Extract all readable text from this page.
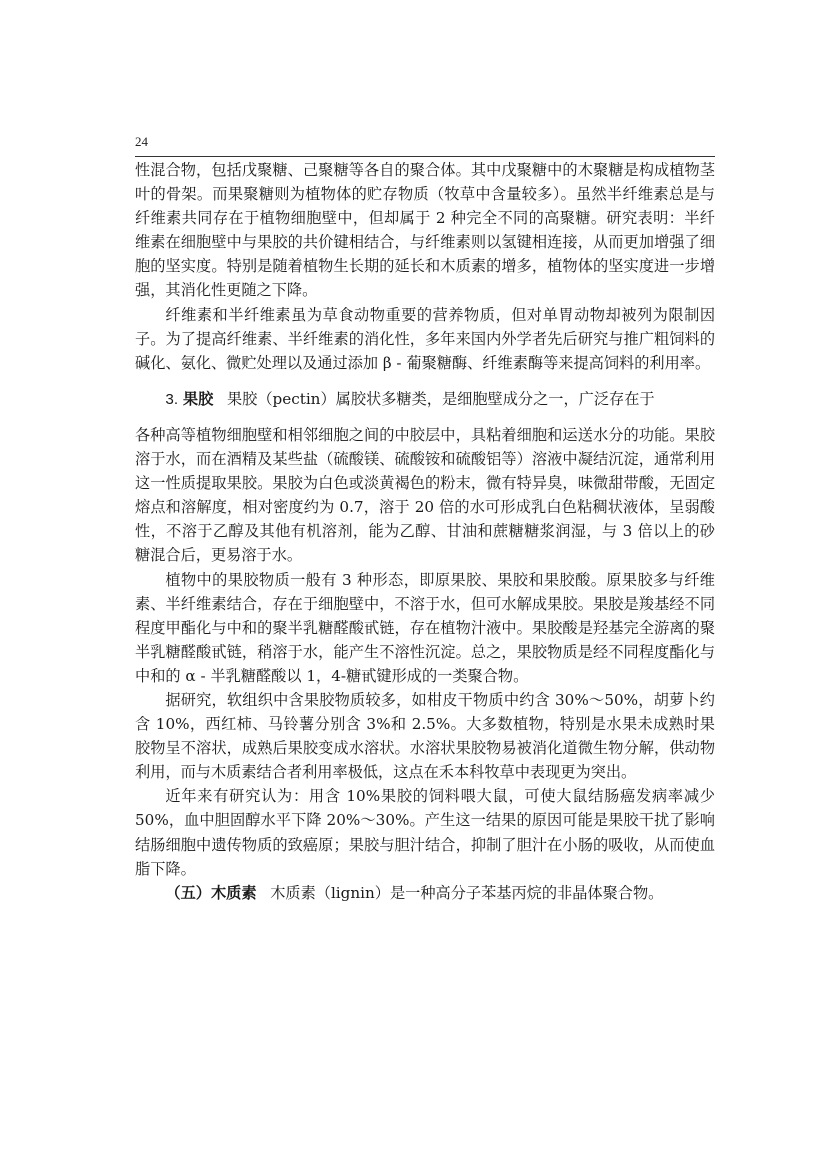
24

性混合物，包括戊聚糖、己聚糖等各自的聚合体。其中戊聚糖中的木聚糖是构成植物茎叶的骨架。而果聚糖则为植物体的贮存物质（牧草中含量较多）。虽然半纤维素总是与纤维素共同存在于植物细胞壁中，但却属于 2 种完全不同的高聚糖。研究表明：半纤维素在细胞壁中与果胶的共价键相结合，与纤维素则以氢键相连接，从而更加增强了细胞的坚实度。特别是随着植物生长期的延长和木质素的增多，植物体的坚实度进一步增强，其消化性更随之下降。

纤维素和半纤维素虽为草食动物重要的营养物质，但对单胃动物却被列为限制因子。为了提高纤维素、半纤维素的消化性，多年来国内外学者先后研究与推广粗饲料的碱化、氨化、微贮处理以及通过添加 β - 葡聚糖酶、纤维素酶等来提高饲料的利用率。

3. 果胶 果胶（pectin）属胶状多糖类，是细胞壁成分之一，广泛存在于

各种高等植物细胞壁和相邻细胞之间的中胶层中，具粘着细胞和运送水分的功能。果胶溶于水，而在酒精及某些盐（硫酸镁、硫酸铵和硫酸铝等）溶液中凝结沉淀，通常利用这一性质提取果胶。果胶为白色或淡黄褐色的粉末，微有特异臭，味微甜带酸，无固定熔点和溶解度，相对密度约为 0.7，溶于 20 倍的水可形成乳白色粘稠状液体，呈弱酸性，不溶于乙醇及其他有机溶剂，能为乙醇、甘油和蔗糖糖浆润湿，与 3 倍以上的砂糖混合后，更易溶于水。

植物中的果胶物质一般有 3 种形态，即原果胶、果胶和果胶酸。原果胶多与纤维素、半纤维素结合，存在于细胞壁中，不溶于水，但可水解成果胶。果胶是羧基经不同程度甲酯化与中和的聚半乳糖醛酸甙链，存在植物汁液中。果胶酸是羟基完全游离的聚半乳糖醛酸甙链，稍溶于水，能产生不溶性沉淀。总之，果胶物质是经不同程度酯化与中和的 α - 半乳糖醛酸以 1，4-糖甙键形成的一类聚合物。

据研究，软组织中含果胶物质较多，如柑皮干物质中约含 30%～50%，胡萝卜约含 10%，西红柿、马铃薯分别含 3%和 2.5%。大多数植物，特别是水果未成熟时果胶物呈不溶状，成熟后果胶变成水溶状。水溶状果胶物易被消化道微生物分解，供动物利用，而与木质素结合者利用率极低，这点在禾本科牧草中表现更为突出。

近年来有研究认为：用含 10%果胶的饲料喂大鼠，可使大鼠结肠癌发病率减少 50%，血中胆固醇水平下降 20%～30%。产生这一结果的原因可能是果胶干扰了影响结肠细胞中遗传物质的致癌原；果胶与胆汁结合，抑制了胆汁在小肠的吸收，从而使血脂下降。

（五）木质素 木质素（lignin）是一种高分子苯基丙烷的非晶体聚合物。
